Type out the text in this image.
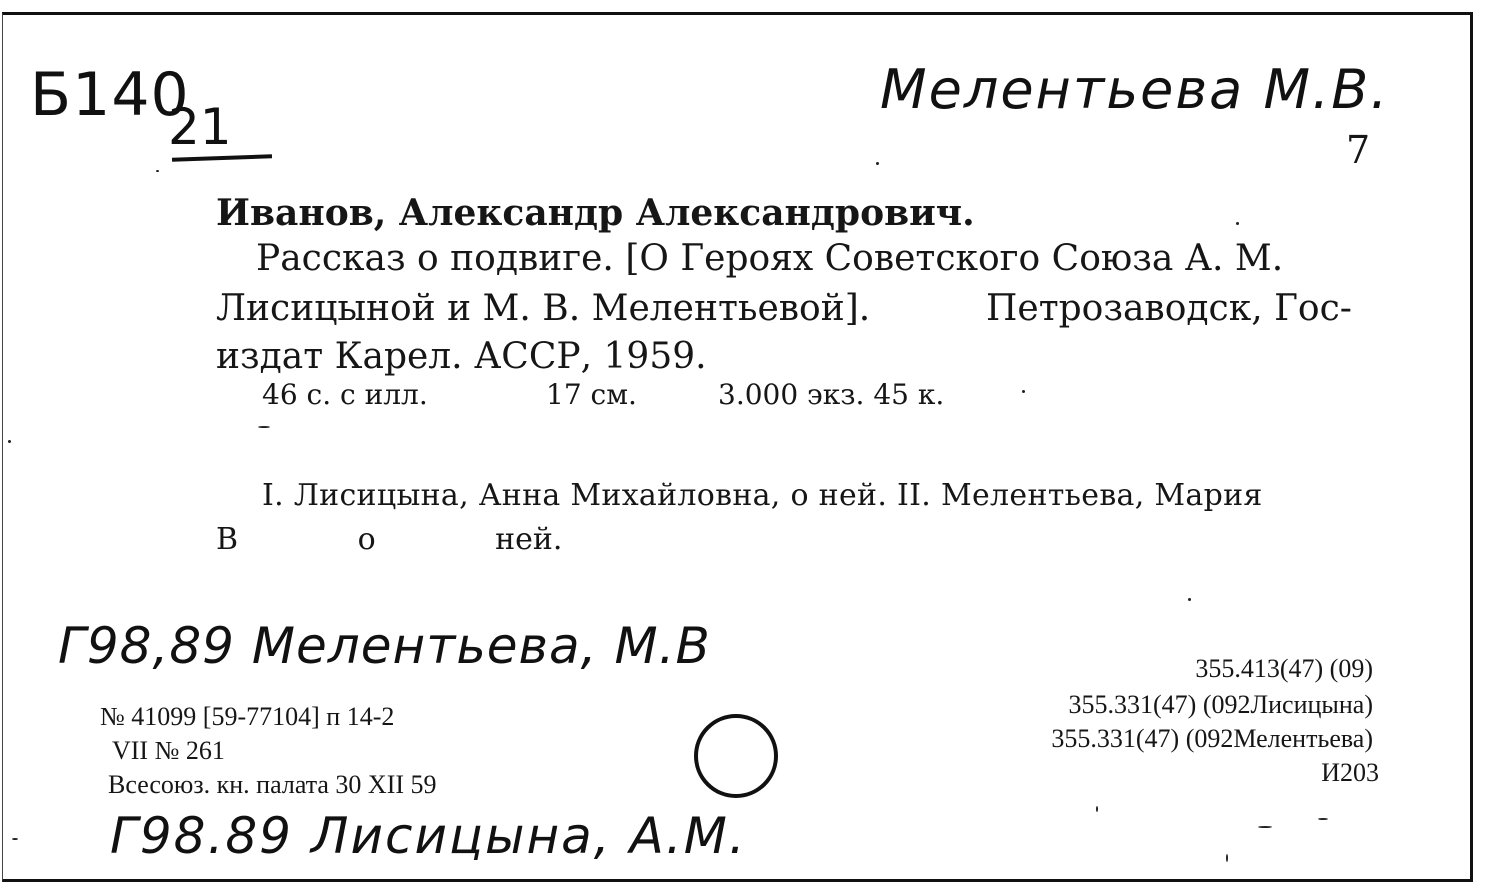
Б140
21
Мелентьева М.В.
7
Иванов, Александр Александрович.
Рассказ о подвиге. [О Героях Советского Союза А. М.
Лисицыной и М. В. Мелентьевой].	Петрозаводск, Гос-
издат Карел. АССР, 1959.
46 с. с илл.	17 см.	3.000 экз. 45 к.
I. Лисицына, Анна Михайловна, о ней. II. Мелентьева, Мария
В о ней.
Г98,89 Мелентьева, М.В
№ 41099 [59-77104] п 14-2
VII № 261
Всесоюз. кн. палата 30 XII 59
355.413(47) (09)
355.331(47) (092Лисицына)
355.331(47) (092Мелентьева)
И203
Г98.89 Лисицына, А.М.
